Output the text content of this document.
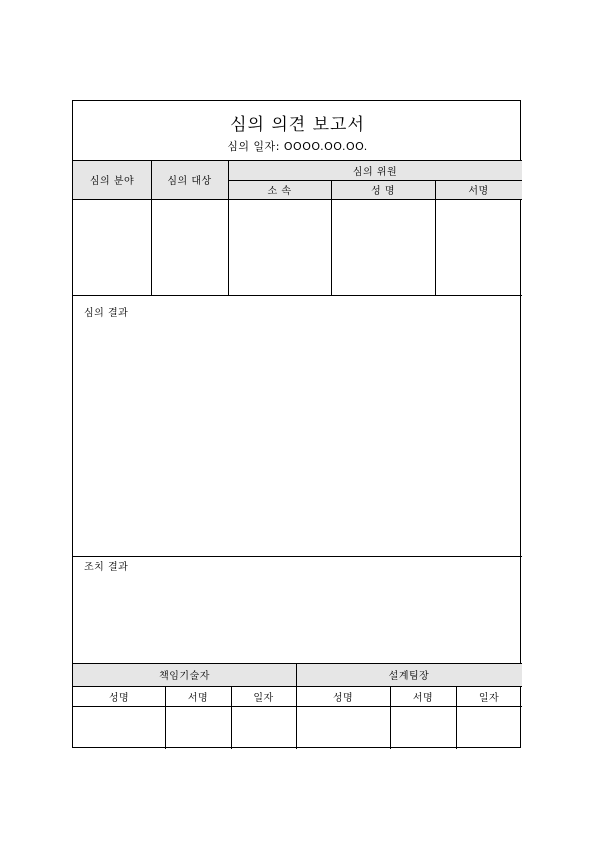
심의 의견 보고서
심의 일자: OOOO.OO.OO.
심의 분야	심의 대상
심의 위원
소 속	성 명	서명
심의 결과
조치 결과
책임기술자	설계팀장
성명	서명	일자	성명	서명	일자
